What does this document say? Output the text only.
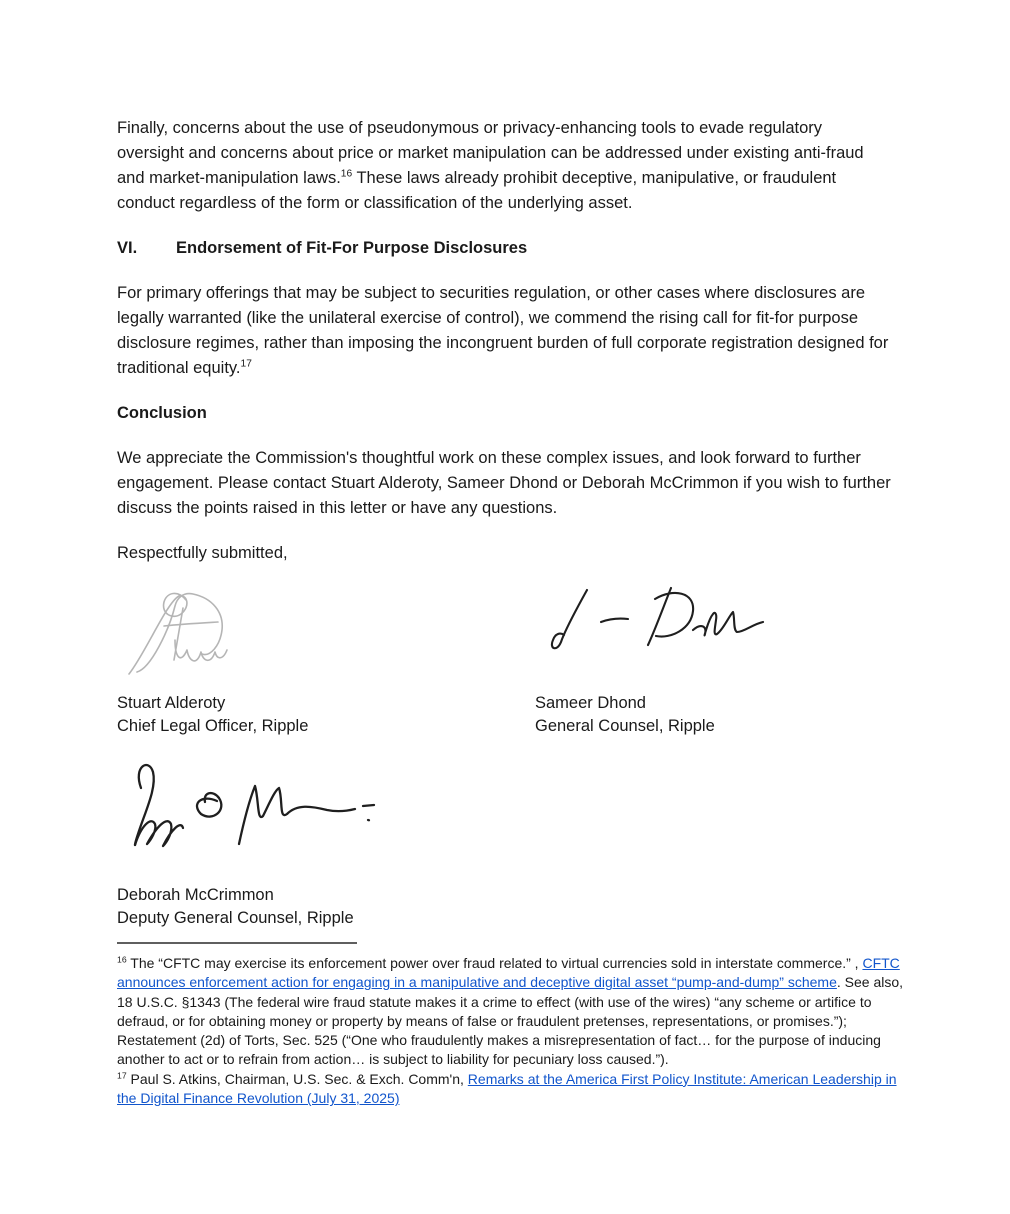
Finally, concerns about the use of pseudonymous or privacy-enhancing tools to evade regulatory oversight and concerns about price or market manipulation can be addressed under existing anti-fraud and market-manipulation laws.$^{16}$ These laws already prohibit deceptive, manipulative, or fraudulent conduct regardless of the form or classification of the underlying asset.

VI. Endorsement of Fit-For Purpose Disclosures

For primary offerings that may be subject to securities regulation, or other cases where disclosures are legally warranted (like the unilateral exercise of control), we commend the rising call for fit-for purpose disclosure regimes, rather than imposing the incongruent burden of full corporate registration designed for traditional equity.$^{17}$

Conclusion

We appreciate the Commission's thoughtful work on these complex issues, and look forward to further engagement. Please contact Stuart Alderoty, Sameer Dhond or Deborah McCrimmon if you wish to further discuss the points raised in this letter or have any questions.

Respectfully submitted,

Stuart Alderoty
Chief Legal Officer, Ripple
Sameer Dhond
General Counsel, Ripple
Deborah McCrimmon
Deputy General Counsel, Ripple

$^{16}$ The “CFTC may exercise its enforcement power over fraud related to virtual currencies sold in interstate commerce.” , CFTC announces enforcement action for engaging in a manipulative and deceptive digital asset “pump-and-dump” scheme. See also, 18 U.S.C. §1343 (The federal wire fraud statute makes it a crime to effect (with use of the wires) “any scheme or artifice to defraud, or for obtaining money or property by means of false or fraudulent pretenses, representations, or promises.”); Restatement (2d) of Torts, Sec. 525 (“One who fraudulently makes a misrepresentation of fact… for the purpose of inducing another to act or to refrain from action… is subject to liability for pecuniary loss caused.”).

$^{17}$ Paul S. Atkins, Chairman, U.S. Sec. & Exch. Comm'n, Remarks at the America First Policy Institute: American Leadership in the Digital Finance Revolution (July 31, 2025)
